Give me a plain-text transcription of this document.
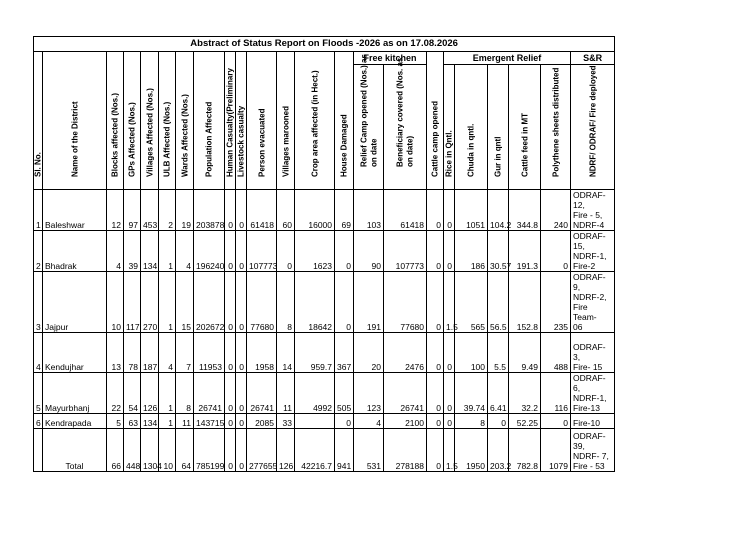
Abstract of Status Report on Floods -2026 as on 17.08.2026																						

Sl. No.	Name of the District	Blocks affected (Nos.)	GPs Affected (Nos.)	Villages Affected (Nos.)	ULB Affected (Nos.)	Wards Affected (Nos.)	Population Affected	Human Casualty(Preliminary	Livestock casualty	Person evacuated	Villages marooned	Crop area affected (in Hect.)	House Damaged	Free kitchen		Cattle camp opened	Emergent Relief					S&R

														Relief Camp opened (Nos.) as on date	Beneficiary covered (Nos. as on date)		Rice in Qntl.	Chuda in qntl.	Gur in qntl	Cattle feed in MT	Polythene sheets distributed	NDRF/ ODRAF/ Fire deployed

1	Baleshwar	12	97	453	2	19	203878	0	0	61418	60	16000	69	103	61418	0	0	1051	104.2	344.8	240	ODRAF-12,
Fire - 5,
NDRF-4

2	Bhadrak	4	39	134	1	4	196240	0	0	107773	0	1623	0	90	107773	0	0	186	30.57	191.3	0	ODRAF-15,
NDRF-1,
Fire-2

3	Jajpur	10	117	270	1	15	202672	0	0	77680	8	18642	0	191	77680	0	1.5	565	56.5	152.8	235	ODRAF-9,
NDRF-2,
Fire Team-
06

4	Kendujhar	13	78	187	4	7	11953	0	0	1958	14	959.7	367	20	2476	0	0	100	5.5	9.49	488	ODRAF-3,
Fire- 15

5	Mayurbhanj	22	54	126	1	8	26741	0	0	26741	11	4992	505	123	26741	0	0	39.74	6.41	32.2	116	ODRAF-6,
NDRF-1,
Fire-13

6	Kendrapada	5	63	134	1	11	143715	0	0	2085	33		0	4	2100	0	0	8	0	52.25	0	Fire-10

	Total	66	448	1304	10	64	785199	0	0	277655	126	42216.7	941	531	278188	0	1.5	1950	203.2	782.8	1079	ODRAF-39,
NDRF- 7,
Fire - 53
